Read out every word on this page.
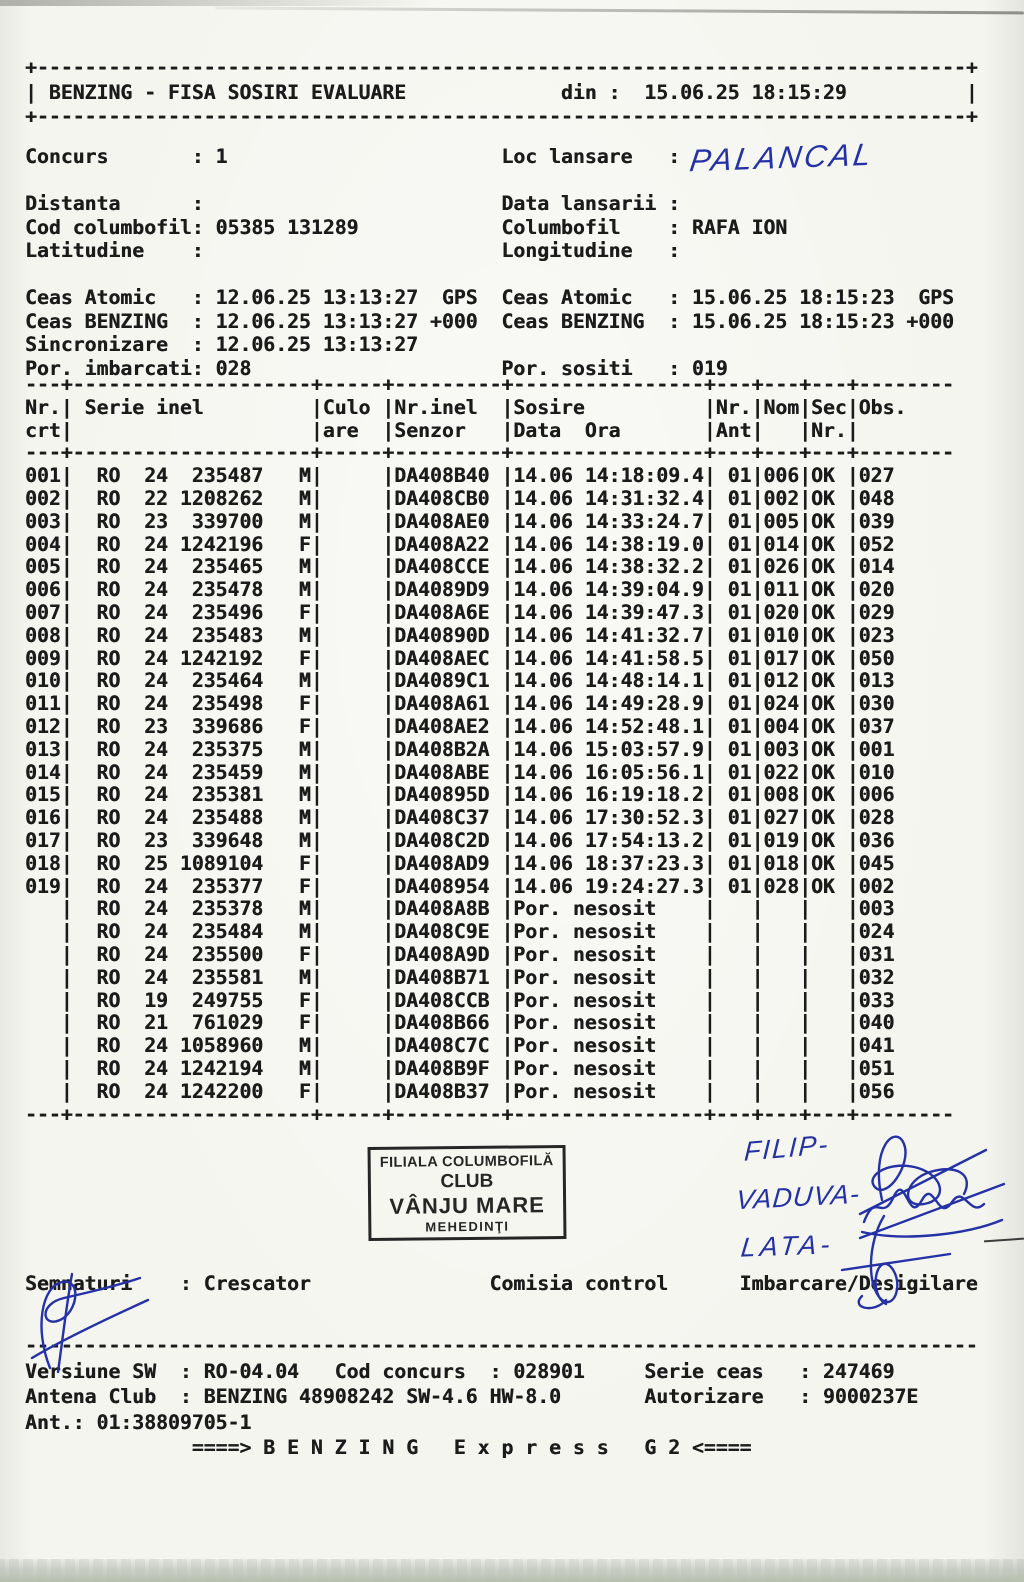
+------------------------------------------------------------------------------+
| BENZING - FISA SOSIRI EVALUARE             din :  15.06.25 18:15:29          |
+------------------------------------------------------------------------------+
Concurs       : 1                       Loc lansare   :

Distanta      :                         Data lansarii :
Cod columbofil: 05385 131289            Columbofil    : RAFA ION
Latitudine    :                         Longitudine   :

Ceas Atomic   : 12.06.25 13:13:27  GPS  Ceas Atomic   : 15.06.25 18:15:23  GPS
Ceas BENZING  : 12.06.25 13:13:27 +000  Ceas BENZING  : 15.06.25 18:15:23 +000
Sincronizare  : 12.06.25 13:13:27
Por. imbarcati: 028                     Por. sositi   : 019
---+--------------------+-----+---------+----------------+---+---+---+--------
Nr.| Serie inel         |Culo |Nr.inel  |Sosire          |Nr.|Nom|Sec|Obs.
crt|                    |are  |Senzor   |Data  Ora       |Ant|   |Nr.|
---+--------------------+-----+---------+----------------+---+---+---+--------
001|  RO  24  235487   M|     |DA408B40 |14.06 14:18:09.4| 01|006|OK |027
002|  RO  22 1208262   M|     |DA408CB0 |14.06 14:31:32.4| 01|002|OK |048
003|  RO  23  339700   M|     |DA408AE0 |14.06 14:33:24.7| 01|005|OK |039
004|  RO  24 1242196   F|     |DA408A22 |14.06 14:38:19.0| 01|014|OK |052
005|  RO  24  235465   M|     |DA408CCE |14.06 14:38:32.2| 01|026|OK |014
006|  RO  24  235478   M|     |DA4089D9 |14.06 14:39:04.9| 01|011|OK |020
007|  RO  24  235496   F|     |DA408A6E |14.06 14:39:47.3| 01|020|OK |029
008|  RO  24  235483   M|     |DA40890D |14.06 14:41:32.7| 01|010|OK |023
009|  RO  24 1242192   F|     |DA408AEC |14.06 14:41:58.5| 01|017|OK |050
010|  RO  24  235464   M|     |DA4089C1 |14.06 14:48:14.1| 01|012|OK |013
011|  RO  24  235498   F|     |DA408A61 |14.06 14:49:28.9| 01|024|OK |030
012|  RO  23  339686   F|     |DA408AE2 |14.06 14:52:48.1| 01|004|OK |037
013|  RO  24  235375   M|     |DA408B2A |14.06 15:03:57.9| 01|003|OK |001
014|  RO  24  235459   M|     |DA408ABE |14.06 16:05:56.1| 01|022|OK |010
015|  RO  24  235381   M|     |DA40895D |14.06 16:19:18.2| 01|008|OK |006
016|  RO  24  235488   M|     |DA408C37 |14.06 17:30:52.3| 01|027|OK |028
017|  RO  23  339648   M|     |DA408C2D |14.06 17:54:13.2| 01|019|OK |036
018|  RO  25 1089104   F|     |DA408AD9 |14.06 18:37:23.3| 01|018|OK |045
019|  RO  24  235377   F|     |DA408954 |14.06 19:24:27.3| 01|028|OK |002
|  RO  24  235378   M|     |DA408A8B |Por. nesosit    |   |   |   |003
|  RO  24  235484   M|     |DA408C9E |Por. nesosit    |   |   |   |024
|  RO  24  235500   F|     |DA408A9D |Por. nesosit    |   |   |   |031
|  RO  24  235581   M|     |DA408B71 |Por. nesosit    |   |   |   |032
|  RO  19  249755   F|     |DA408CCB |Por. nesosit    |   |   |   |033
|  RO  21  761029   F|     |DA408B66 |Por. nesosit    |   |   |   |040
|  RO  24 1058960   M|     |DA408C7C |Por. nesosit    |   |   |   |041
|  RO  24 1242194   M|     |DA408B9F |Por. nesosit    |   |   |   |051
|  RO  24 1242200   F|     |DA408B37 |Por. nesosit    |   |   |   |056
---+--------------------+-----+---------+----------------+---+---+---+--------
Semnaturi    : Crescator               Comisia control      Imbarcare/Desigilare
--------------------------------------------------------------------------------
Versiune SW  : RO-04.04   Cod concurs  : 028901     Serie ceas   : 247469
Antena Club  : BENZING 48908242 SW-4.6 HW-8.0       Autorizare   : 9000237E
Ant.: 01:38809705-1
====> B E N Z I N G   E x p r e s s   G 2 <====
FILIALA COLUMBOFILĂ
CLUB
VÂNJU MARE
MEHEDINŢI
PALANCAL
FILIP-
VADUVA-
LATA-
